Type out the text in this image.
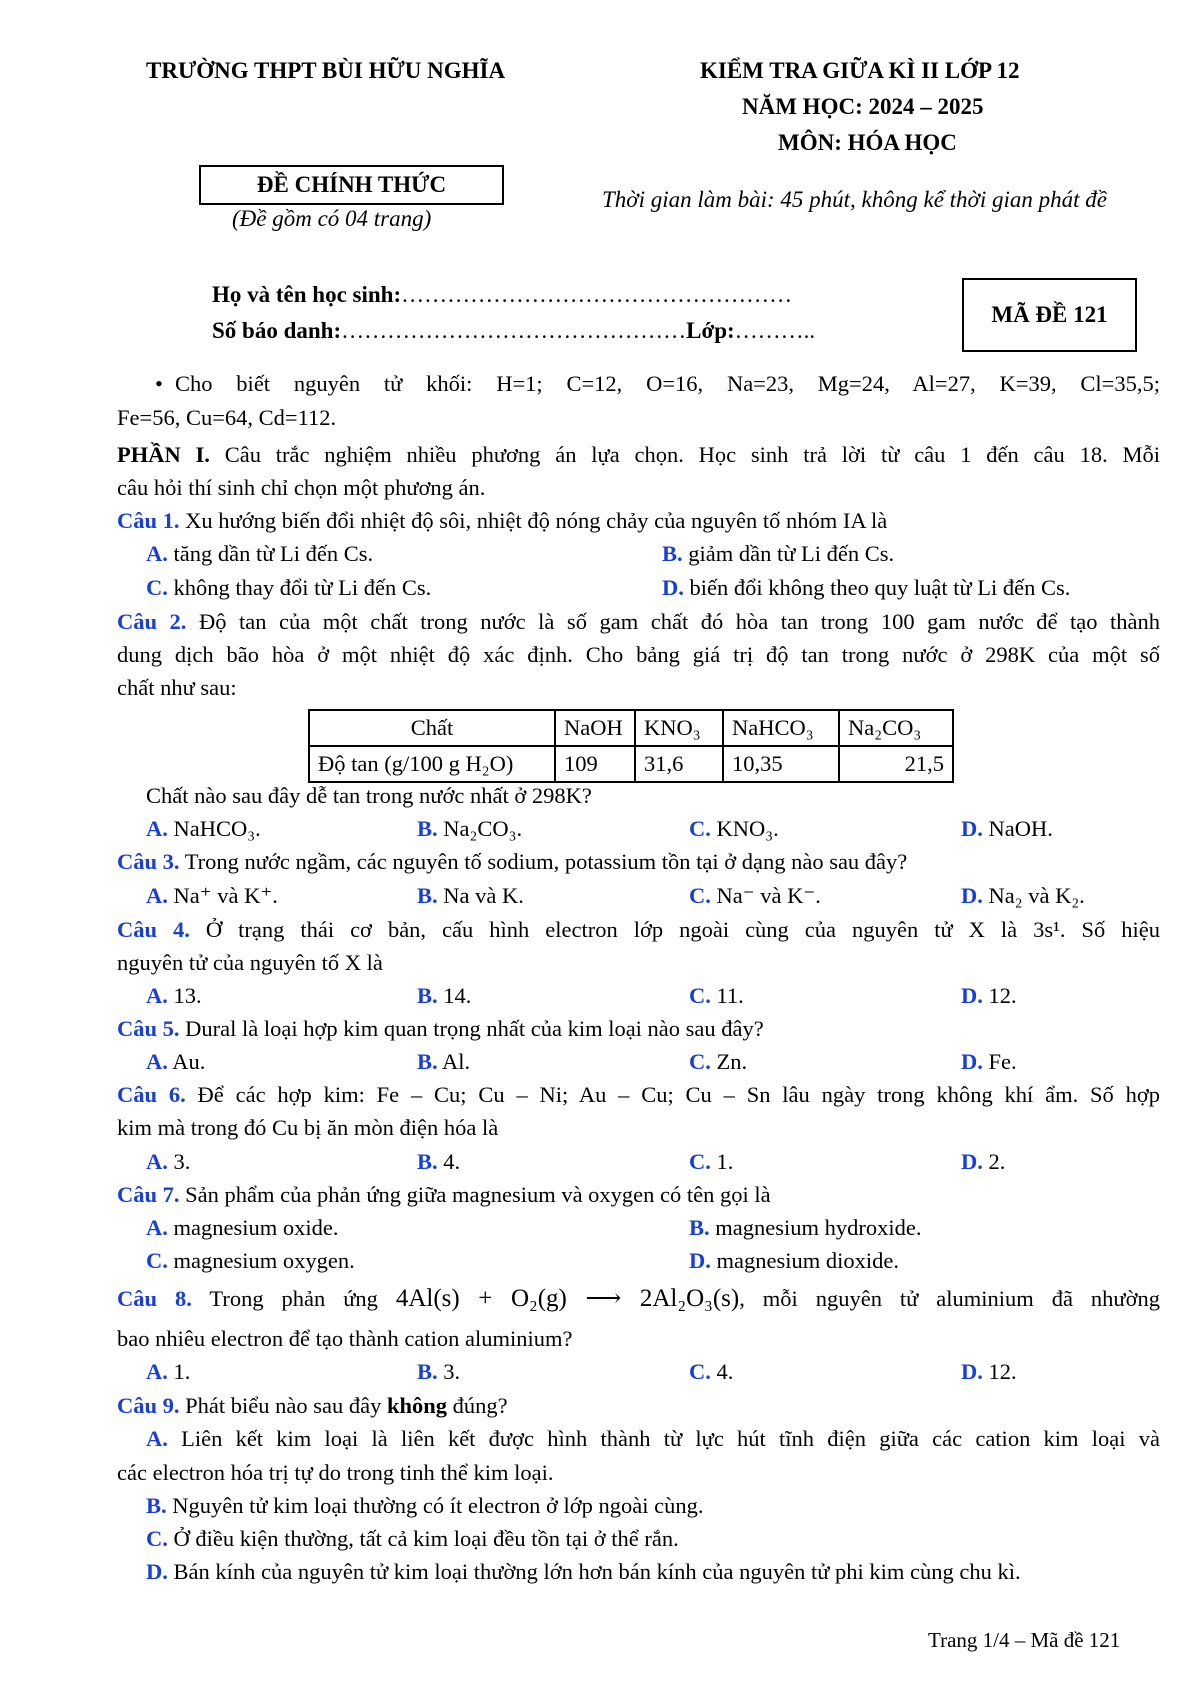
TRƯỜNG THPT BÙI HỮU NGHĨA	KIỂM TRA GIỮA KÌ II LỚP 12
NĂM HỌC: 2024 – 2025
MÔN: HÓA HỌC
ĐỀ CHÍNH THỨC
(Đề gồm có 04 trang)
Thời gian làm bài: 45 phút, không kể thời gian phát đề
Họ và tên học sinh:……………………………………………
Số báo danh:………………………………………Lớp:………..
MÃ ĐỀ 121
• Cho biết nguyên tử khối: H=1; C=12, O=16, Na=23, Mg=24, Al=27, K=39, Cl=35,5;
Fe=56, Cu=64, Cd=112.
PHẦN I. Câu trắc nghiệm nhiều phương án lựa chọn. Học sinh trả lời từ câu 1 đến câu 18. Mỗi
câu hỏi thí sinh chỉ chọn một phương án.
Câu 1. Xu hướng biến đổi nhiệt độ sôi, nhiệt độ nóng chảy của nguyên tố nhóm IA là
A. tăng dần từ Li đến Cs.	B. giảm dần từ Li đến Cs.
C. không thay đổi từ Li đến Cs.	D. biến đổi không theo quy luật từ Li đến Cs.
Câu 2. Độ tan của một chất trong nước là số gam chất đó hòa tan trong 100 gam nước để tạo thành
dung dịch bão hòa ở một nhiệt độ xác định. Cho bảng giá trị độ tan trong nước ở 298K của một số
chất như sau:
Chất	NaOH	KNO₃	NaHCO₃	Na₂CO₃
Độ tan (g/100 g H₂O)	109	31,6	10,35	21,5
Chất nào sau đây dễ tan trong nước nhất ở 298K?
A. NaHCO₃.	B. Na₂CO₃.	C. KNO₃.	D. NaOH.
Câu 3. Trong nước ngầm, các nguyên tố sodium, potassium tồn tại ở dạng nào sau đây?
A. Na⁺ và K⁺.	B. Na và K.	C. Na⁻ và K⁻.	D. Na₂ và K₂.
Câu 4. Ở trạng thái cơ bản, cấu hình electron lớp ngoài cùng của nguyên tử X là 3s¹. Số hiệu
nguyên tử của nguyên tố X là
A. 13.	B. 14.	C. 11.	D. 12.
Câu 5. Dural là loại hợp kim quan trọng nhất của kim loại nào sau đây?
A. Au.	B. Al.	C. Zn.	D. Fe.
Câu 6. Để các hợp kim: Fe – Cu; Cu – Ni; Au – Cu; Cu – Sn lâu ngày trong không khí ẩm. Số hợp
kim mà trong đó Cu bị ăn mòn điện hóa là
A. 3.	B. 4.	C. 1.	D. 2.
Câu 7. Sản phẩm của phản ứng giữa magnesium và oxygen có tên gọi là
A. magnesium oxide.	B. magnesium hydroxide.
C. magnesium oxygen.	D. magnesium dioxide.
Câu 8. Trong phản ứng 4Al(s) + O₂(g) ⟶ 2Al₂O₃(s), mỗi nguyên tử aluminium đã nhường
bao nhiêu electron để tạo thành cation aluminium?
A. 1.	B. 3.	C. 4.	D. 12.
Câu 9. Phát biểu nào sau đây không đúng?
A. Liên kết kim loại là liên kết được hình thành từ lực hút tĩnh điện giữa các cation kim loại và
các electron hóa trị tự do trong tinh thể kim loại.
B. Nguyên tử kim loại thường có ít electron ở lớp ngoài cùng.
C. Ở điều kiện thường, tất cả kim loại đều tồn tại ở thể rắn.
D. Bán kính của nguyên tử kim loại thường lớn hơn bán kính của nguyên tử phi kim cùng chu kì.
Trang 1/4 – Mã đề 121
